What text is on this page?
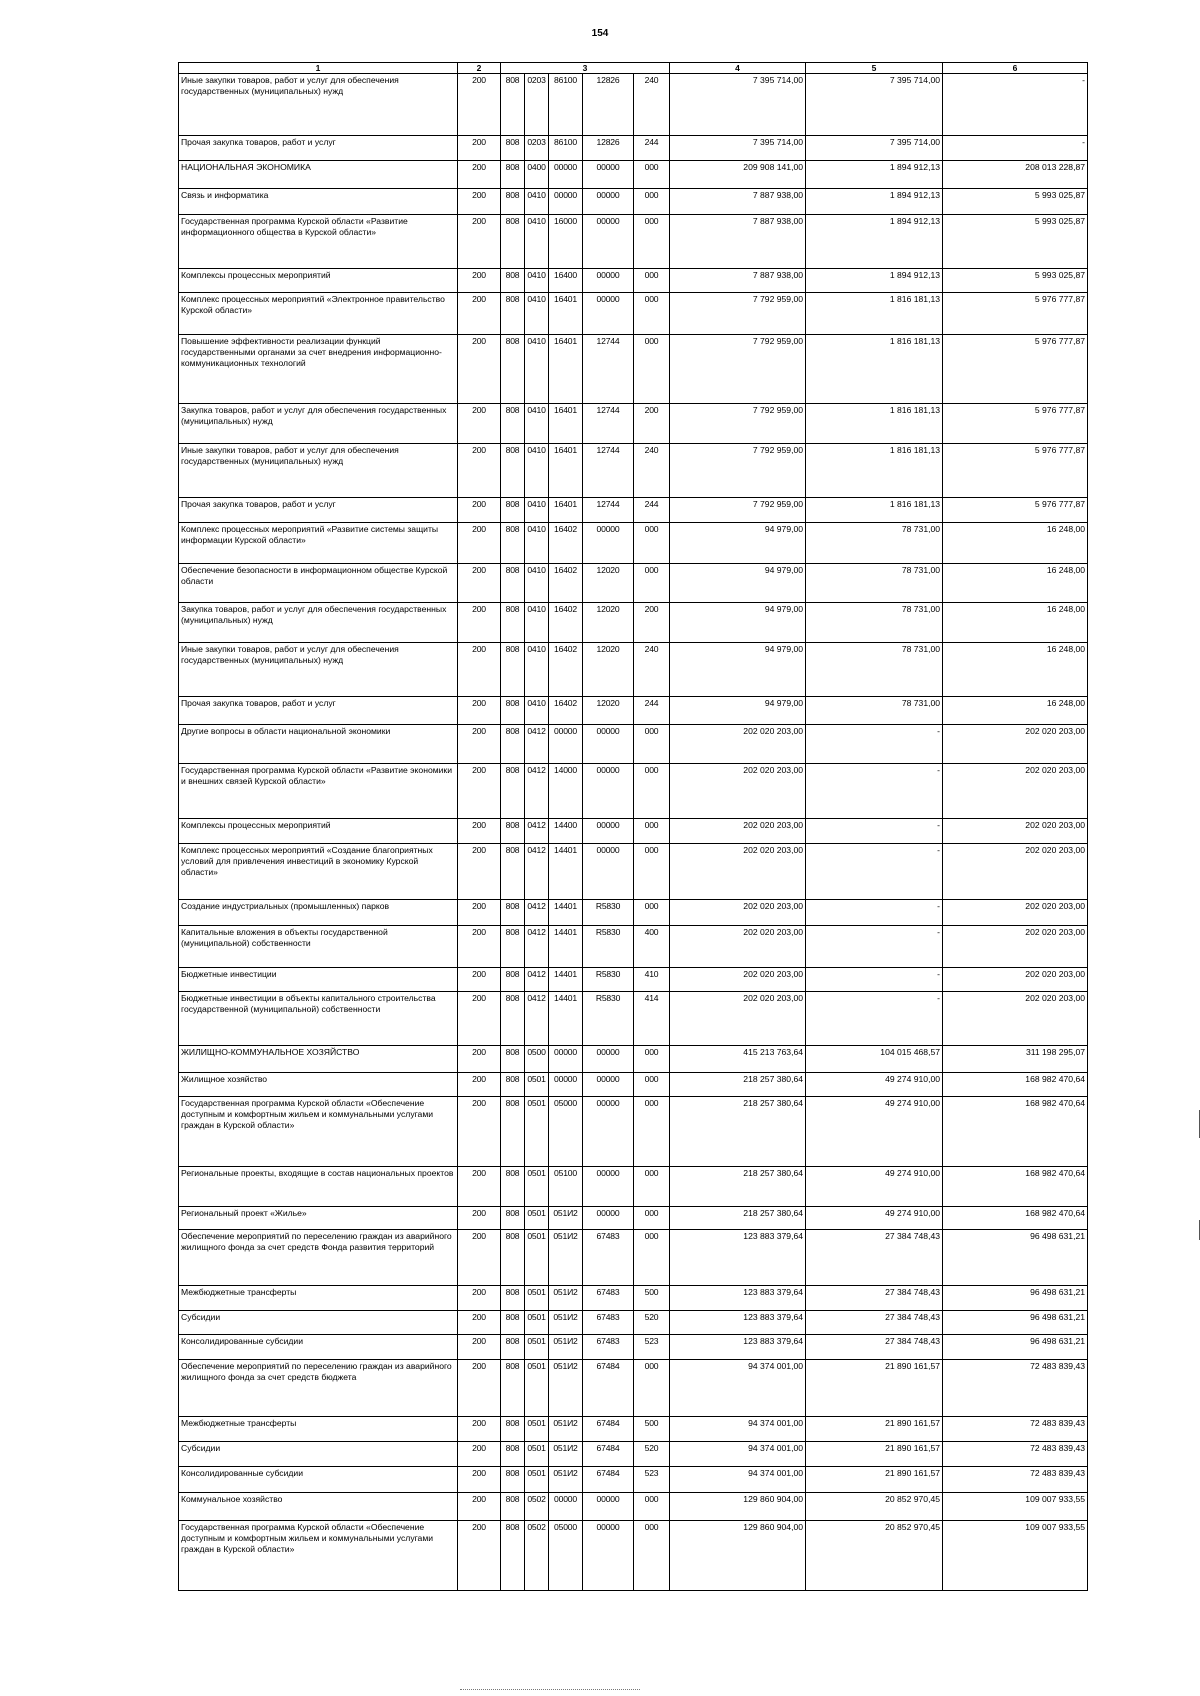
154
1	2	3					4	5	6
Иные закупки товаров, работ и услуг для обеспечения государственных (муниципальных) нужд	200	808	0203	86100	12826	240	7 395 714,00	7 395 714,00	-
Прочая закупка товаров, работ и услуг	200	808	0203	86100	12826	244	7 395 714,00	7 395 714,00	-
НАЦИОНАЛЬНАЯ ЭКОНОМИКА	200	808	0400	00000	00000	000	209 908 141,00	1 894 912,13	208 013 228,87
Связь и информатика	200	808	0410	00000	00000	000	7 887 938,00	1 894 912,13	5 993 025,87
Государственная программа Курской области «Развитие информационного общества в Курской области»	200	808	0410	16000	00000	000	7 887 938,00	1 894 912,13	5 993 025,87
Комплексы процессных мероприятий	200	808	0410	16400	00000	000	7 887 938,00	1 894 912,13	5 993 025,87
Комплекс процессных мероприятий «Электронное правительство Курской области»	200	808	0410	16401	00000	000	7 792 959,00	1 816 181,13	5 976 777,87
Повышение эффективности реализации функций государственными органами за счет внедрения информационно-коммуникационных технологий	200	808	0410	16401	12744	000	7 792 959,00	1 816 181,13	5 976 777,87
Закупка товаров, работ и услуг для обеспечения государственных (муниципальных) нужд	200	808	0410	16401	12744	200	7 792 959,00	1 816 181,13	5 976 777,87
Иные закупки товаров, работ и услуг для обеспечения государственных (муниципальных) нужд	200	808	0410	16401	12744	240	7 792 959,00	1 816 181,13	5 976 777,87
Прочая закупка товаров, работ и услуг	200	808	0410	16401	12744	244	7 792 959,00	1 816 181,13	5 976 777,87
Комплекс процессных мероприятий «Развитие системы защиты информации Курской области»	200	808	0410	16402	00000	000	94 979,00	78 731,00	16 248,00
Обеспечение безопасности в информационном обществе Курской области	200	808	0410	16402	12020	000	94 979,00	78 731,00	16 248,00
Закупка товаров, работ и услуг для обеспечения государственных (муниципальных) нужд	200	808	0410	16402	12020	200	94 979,00	78 731,00	16 248,00
Иные закупки товаров, работ и услуг для обеспечения государственных (муниципальных) нужд	200	808	0410	16402	12020	240	94 979,00	78 731,00	16 248,00
Прочая закупка товаров, работ и услуг	200	808	0410	16402	12020	244	94 979,00	78 731,00	16 248,00
Другие вопросы в области национальной экономики	200	808	0412	00000	00000	000	202 020 203,00	-	202 020 203,00
Государственная программа Курской области «Развитие экономики и внешних связей Курской области»	200	808	0412	14000	00000	000	202 020 203,00	-	202 020 203,00
Комплексы процессных мероприятий	200	808	0412	14400	00000	000	202 020 203,00	-	202 020 203,00
Комплекс процессных мероприятий «Создание благоприятных условий для привлечения инвестиций в экономику Курской области»	200	808	0412	14401	00000	000	202 020 203,00	-	202 020 203,00
Создание индустриальных (промышленных) парков	200	808	0412	14401	R5830	000	202 020 203,00	-	202 020 203,00
Капитальные вложения в объекты государственной (муниципальной) собственности	200	808	0412	14401	R5830	400	202 020 203,00	-	202 020 203,00
Бюджетные инвестиции	200	808	0412	14401	R5830	410	202 020 203,00	-	202 020 203,00
Бюджетные инвестиции в объекты капитального строительства государственной (муниципальной) собственности	200	808	0412	14401	R5830	414	202 020 203,00	-	202 020 203,00
ЖИЛИЩНО-КОММУНАЛЬНОЕ ХОЗЯЙСТВО	200	808	0500	00000	00000	000	415 213 763,64	104 015 468,57	311 198 295,07
Жилищное хозяйство	200	808	0501	00000	00000	000	218 257 380,64	49 274 910,00	168 982 470,64
Государственная программа Курской области «Обеспечение доступным и комфортным жильем и коммунальными услугами граждан в Курской области»	200	808	0501	05000	00000	000	218 257 380,64	49 274 910,00	168 982 470,64
Региональные проекты, входящие в состав национальных проектов	200	808	0501	05100	00000	000	218 257 380,64	49 274 910,00	168 982 470,64
Региональный проект «Жилье»	200	808	0501	051И2	00000	000	218 257 380,64	49 274 910,00	168 982 470,64
Обеспечение мероприятий по переселению граждан из аварийного жилищного фонда за счет средств Фонда развития территорий	200	808	0501	051И2	67483	000	123 883 379,64	27 384 748,43	96 498 631,21
Межбюджетные трансферты	200	808	0501	051И2	67483	500	123 883 379,64	27 384 748,43	96 498 631,21
Субсидии	200	808	0501	051И2	67483	520	123 883 379,64	27 384 748,43	96 498 631,21
Консолидированные субсидии	200	808	0501	051И2	67483	523	123 883 379,64	27 384 748,43	96 498 631,21
Обеспечение мероприятий по переселению граждан из аварийного жилищного фонда за счет средств бюджета	200	808	0501	051И2	67484	000	94 374 001,00	21 890 161,57	72 483 839,43
Межбюджетные трансферты	200	808	0501	051И2	67484	500	94 374 001,00	21 890 161,57	72 483 839,43
Субсидии	200	808	0501	051И2	67484	520	94 374 001,00	21 890 161,57	72 483 839,43
Консолидированные субсидии	200	808	0501	051И2	67484	523	94 374 001,00	21 890 161,57	72 483 839,43
Коммунальное хозяйство	200	808	0502	00000	00000	000	129 860 904,00	20 852 970,45	109 007 933,55
Государственная программа Курской области «Обеспечение доступным и комфортным жильем и коммунальными услугами граждан в Курской области»	200	808	0502	05000	00000	000	129 860 904,00	20 852 970,45	109 007 933,55
